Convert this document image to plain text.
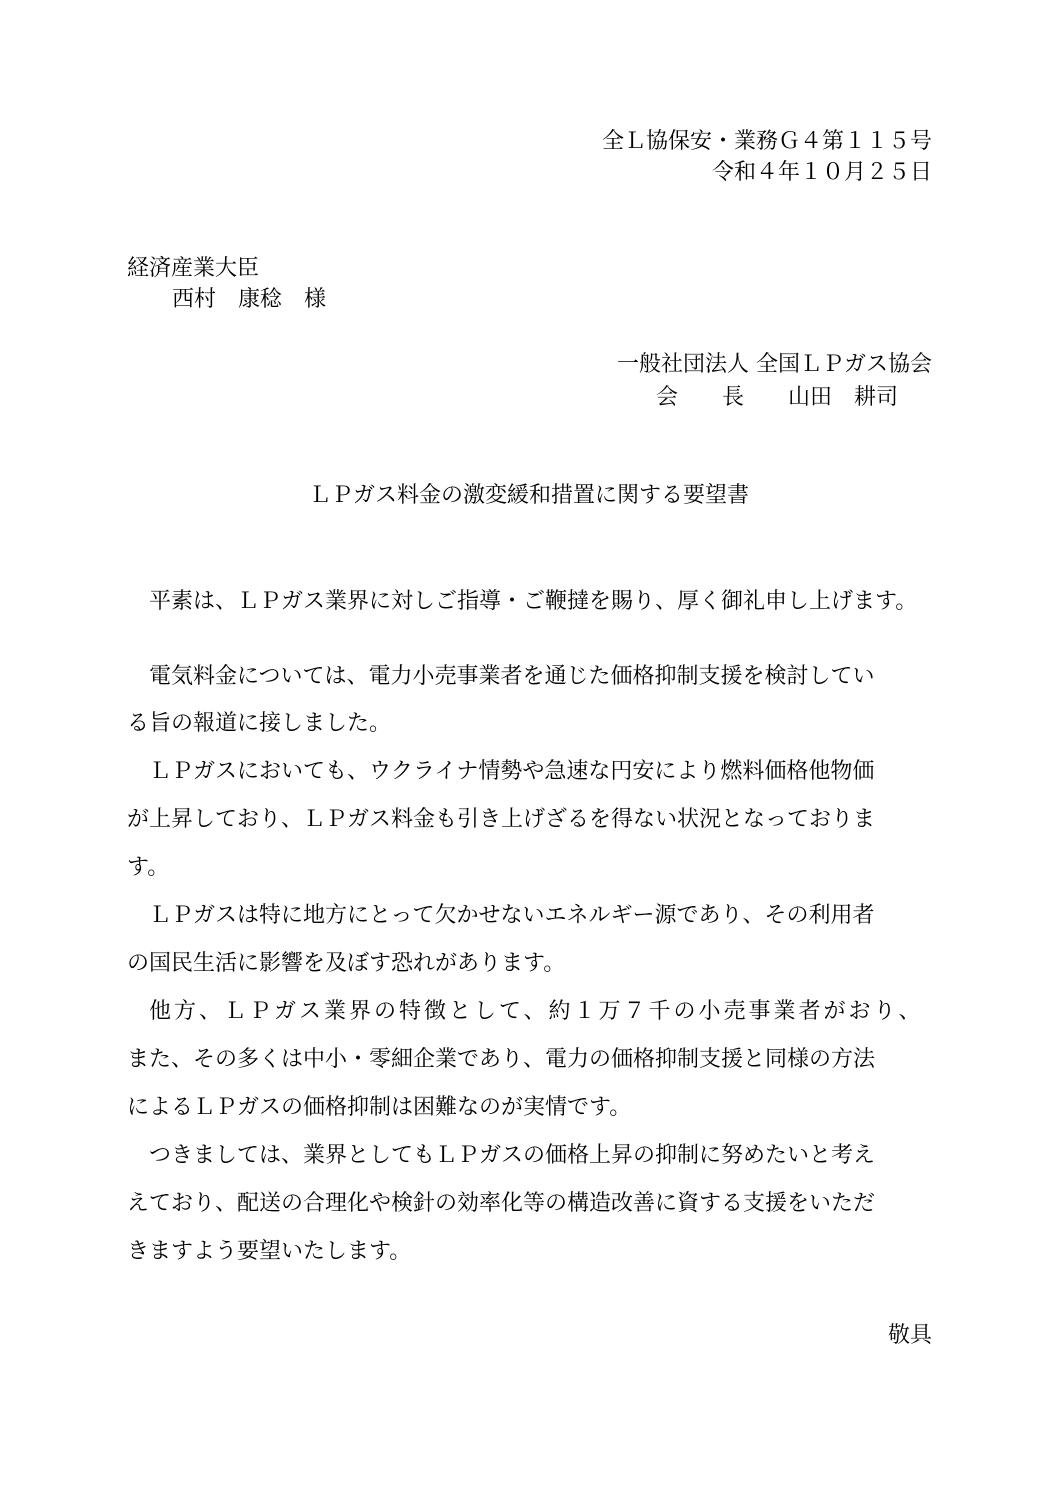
全Ｌ協保安・業務Ｇ４第１１５号
令和４年１０月２５日
経済産業大臣
西村　康稔　様
一般社団法人 全国ＬＰガス協会
会　　長　　山田　耕司
ＬＰガス料金の激変緩和措置に関する要望書
平素は、ＬＰガス業界に対しご指導・ご鞭撻を賜り、厚く御礼申し上げます。
電気料金については、電力小売事業者を通じた価格抑制支援を検討してい
る旨の報道に接しました。
ＬＰガスにおいても、ウクライナ情勢や急速な円安により燃料価格他物価
が上昇しており、ＬＰガス料金も引き上げざるを得ない状況となっておりま
す。
ＬＰガスは特に地方にとって欠かせないエネルギー源であり、その利用者
の国民生活に影響を及ぼす恐れがあります。
他方、ＬＰガス業界の特徴として、約１万７千の小売事業者がおり、
また、その多くは中小・零細企業であり、電力の価格抑制支援と同様の方法
によるＬＰガスの価格抑制は困難なのが実情です。
つきましては、業界としてもＬＰガスの価格上昇の抑制に努めたいと考え
えており、配送の合理化や検針の効率化等の構造改善に資する支援をいただ
きますよう要望いたします。
敬具
